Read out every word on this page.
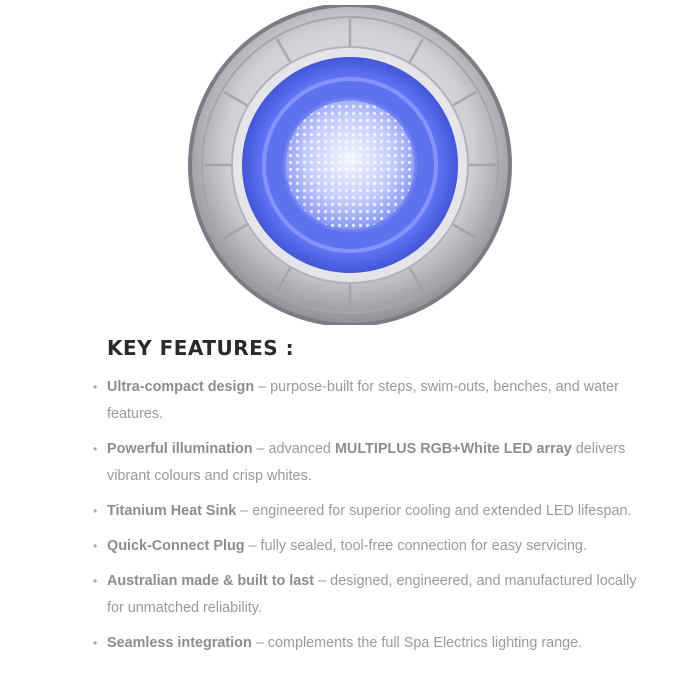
KEY FEATURES :
• Ultra-compact design – purpose-built for steps, swim-outs, benches, and water features.
• Powerful illumination – advanced MULTIPLUS RGB+White LED array delivers vibrant colours and crisp whites.
• Titanium Heat Sink – engineered for superior cooling and extended LED lifespan.
• Quick-Connect Plug – fully sealed, tool-free connection for easy servicing.
• Australian made & built to last – designed, engineered, and manufactured locally for unmatched reliability.
• Seamless integration – complements the full Spa Electrics lighting range.
